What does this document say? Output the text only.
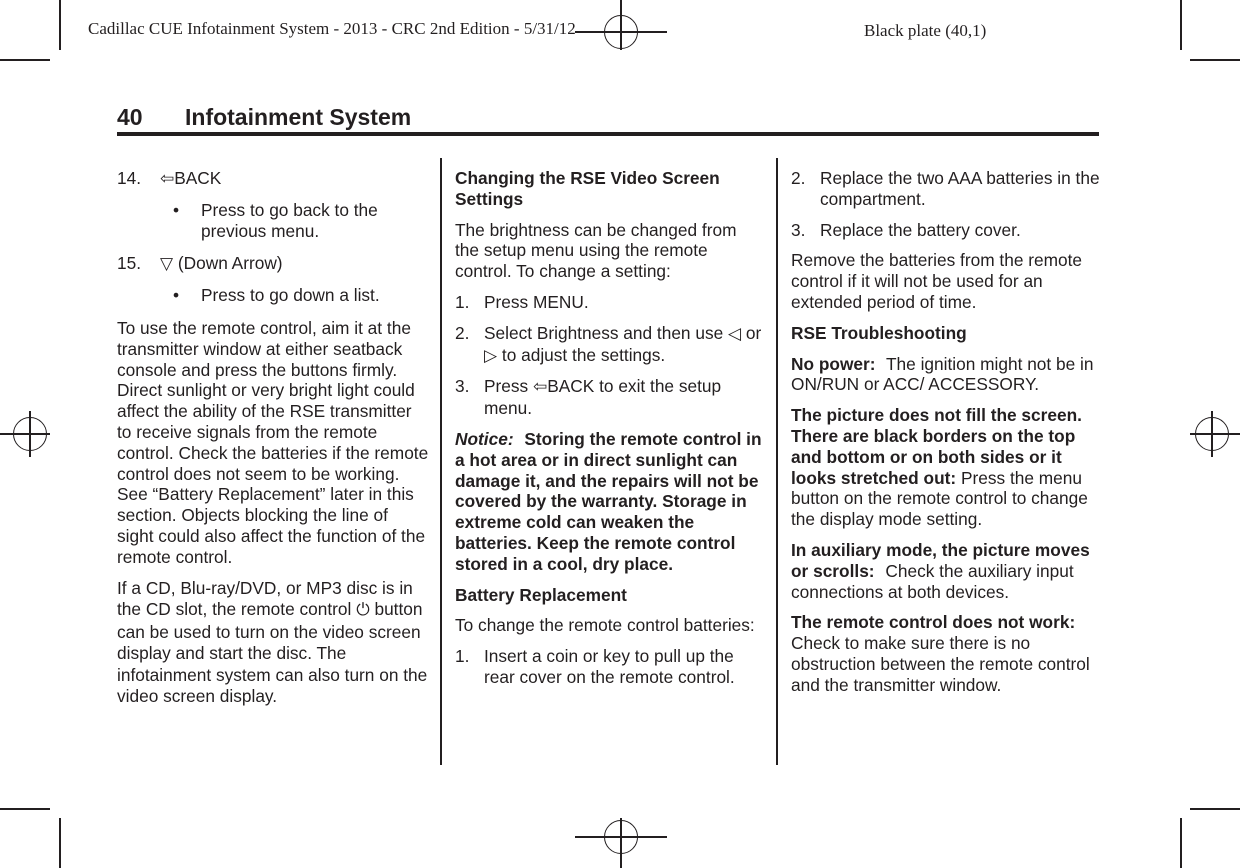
Cadillac CUE Infotainment System - 2013 - CRC 2nd Edition - 5/31/12	Black plate (40,1)
40 Infotainment System
14. ⇦BACK
• Press to go back to the previous menu.
15. ▽ (Down Arrow)
• Press to go down a list.

To use the remote control, aim it at the transmitter window at either seatback console and press the buttons firmly. Direct sunlight or very bright light could affect the ability of the RSE transmitter to receive signals from the remote control. Check the batteries if the remote control does not seem to be working. See “Battery Replacement” later in this section. Objects blocking the line of sight could also affect the function of the remote control.

If a CD, Blu-ray/DVD, or MP3 disc is in the CD slot, the remote control ⏻ button can be used to turn on the video screen display and start the disc. The infotainment system can also turn on the video screen display.

Changing the RSE Video Screen Settings

The brightness can be changed from the setup menu using the remote control. To change a setting:

1. Press MENU.
2. Select Brightness and then use ◁ or ▷ to adjust the settings.
3. Press ⇦BACK to exit the setup menu.

Notice: Storing the remote control in a hot area or in direct sunlight can damage it, and the repairs will not be covered by the warranty. Storage in extreme cold can weaken the batteries. Keep the remote control stored in a cool, dry place.

Battery Replacement

To change the remote control batteries:

1. Insert a coin or key to pull up the rear cover on the remote control.
2. Replace the two AAA batteries in the compartment.
3. Replace the battery cover.

Remove the batteries from the remote control if it will not be used for an extended period of time.

RSE Troubleshooting

No power: The ignition might not be in ON/RUN or ACC/ ACCESSORY.

The picture does not fill the screen. There are black borders on the top and bottom or on both sides or it looks stretched out: Press the menu button on the remote control to change the display mode setting.

In auxiliary mode, the picture moves or scrolls: Check the auxiliary input connections at both devices.

The remote control does not work: Check to make sure there is no obstruction between the remote control and the transmitter window.
